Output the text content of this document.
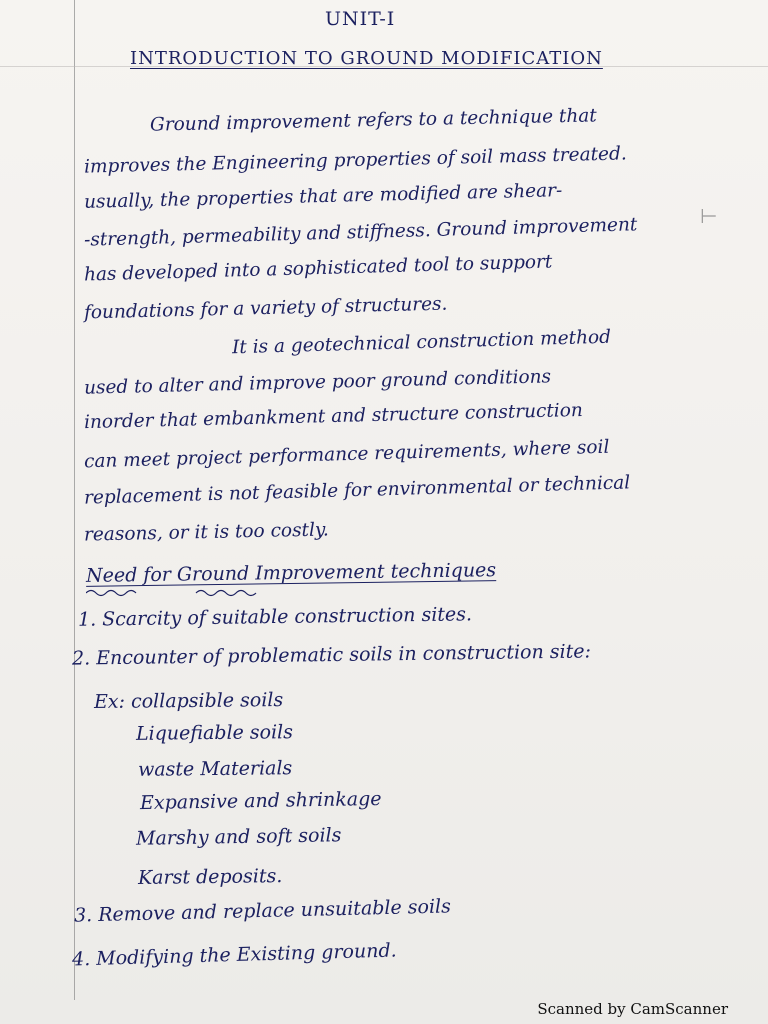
⊢
UNIT-I
INTRODUCTION TO GROUND MODIFICATION
Ground improvement refers to a technique that
improves the Engineering properties of soil mass treated.
usually, the properties that are modified are shear-
-strength, permeability and stiffness. Ground improvement
has developed into a sophisticated tool to support
foundations for a variety of structures.
It is a geotechnical construction method
used to alter and improve poor ground conditions
inorder that embankment and structure construction
can meet project performance requirements, where soil
replacement is not feasible for environmental or technical
reasons, or it is too costly.
Need for Ground Improvement techniques
1. Scarcity of suitable construction sites.
2. Encounter of problematic soils in construction site:
Ex: collapsible soils
Liquefiable soils
waste Materials
Expansive and shrinkage
Marshy and soft soils
Karst deposits.
3. Remove and replace unsuitable soils
4. Modifying the Existing ground.
Scanned by CamScanner
